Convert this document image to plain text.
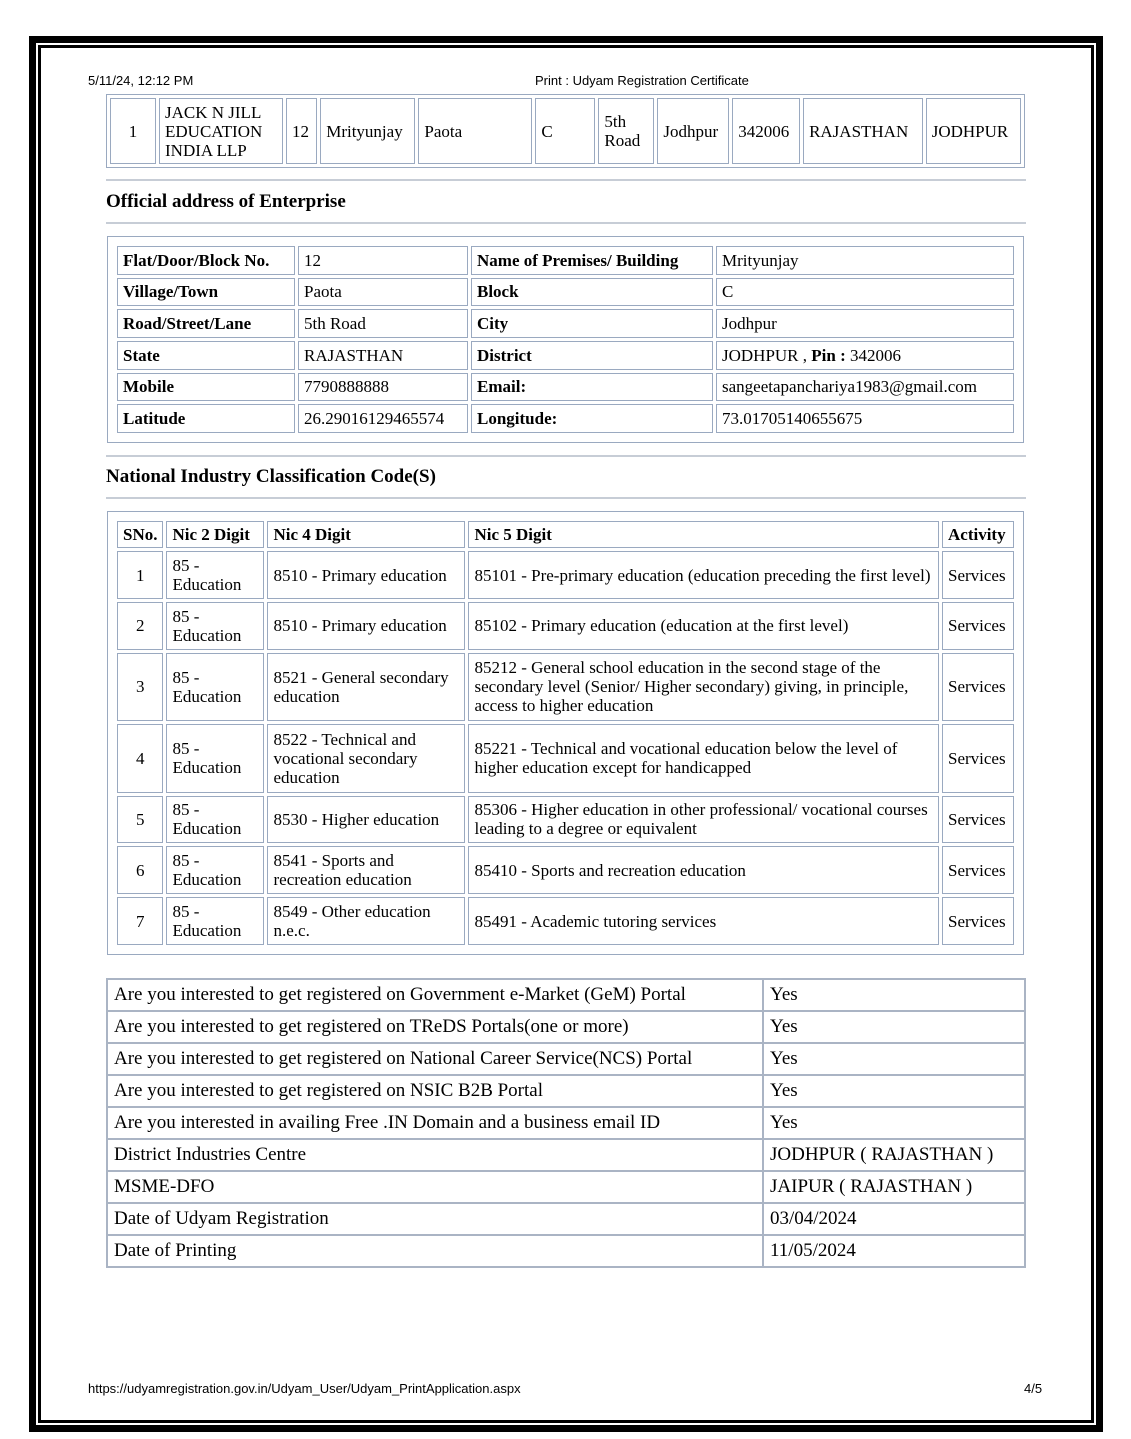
5/11/24, 12:12 PM	Print : Udyam Registration Certificate
1	JACK N JILL EDUCATION INDIA LLP	12	Mrityunjay	Paota	C	5th Road	Jodhpur	342006	RAJASTHAN	JODHPUR
Official address of Enterprise
Flat/Door/Block No.	12	Name of Premises/ Building	Mrityunjay
Village/Town	Paota	Block	C
Road/Street/Lane	5th Road	City	Jodhpur
State	RAJASTHAN	District	JODHPUR , Pin : 342006
Mobile	7790888888	Email:	sangeetapanchariya1983@gmail.com
Latitude	26.29016129465574	Longitude:	73.01705140655675
National Industry Classification Code(S)
SNo.	Nic 2 Digit	Nic 4 Digit	Nic 5 Digit	Activity
1	85 - Education	8510 - Primary education	85101 - Pre-primary education (education preceding the first level)	Services
2	85 - Education	8510 - Primary education	85102 - Primary education (education at the first level)	Services
3	85 - Education	8521 - General secondary education	85212 - General school education in the second stage of the secondary level (Senior/ Higher secondary) giving, in principle, access to higher education	Services
4	85 - Education	8522 - Technical and vocational secondary education	85221 - Technical and vocational education below the level of higher education except for handicapped	Services
5	85 - Education	8530 - Higher education	85306 - Higher education in other professional/ vocational courses leading to a degree or equivalent	Services
6	85 - Education	8541 - Sports and recreation education	85410 - Sports and recreation education	Services
7	85 - Education	8549 - Other education n.e.c.	85491 - Academic tutoring services	Services
Are you interested to get registered on Government e-Market (GeM) Portal	Yes
Are you interested to get registered on TReDS Portals(one or more)	Yes
Are you interested to get registered on National Career Service(NCS) Portal	Yes
Are you interested to get registered on NSIC B2B Portal	Yes
Are you interested in availing Free .IN Domain and a business email ID	Yes
District Industries Centre	JODHPUR ( RAJASTHAN )
MSME-DFO	JAIPUR ( RAJASTHAN )
Date of Udyam Registration	03/04/2024
Date of Printing	11/05/2024
https://udyamregistration.gov.in/Udyam_User/Udyam_PrintApplication.aspx	4/5
